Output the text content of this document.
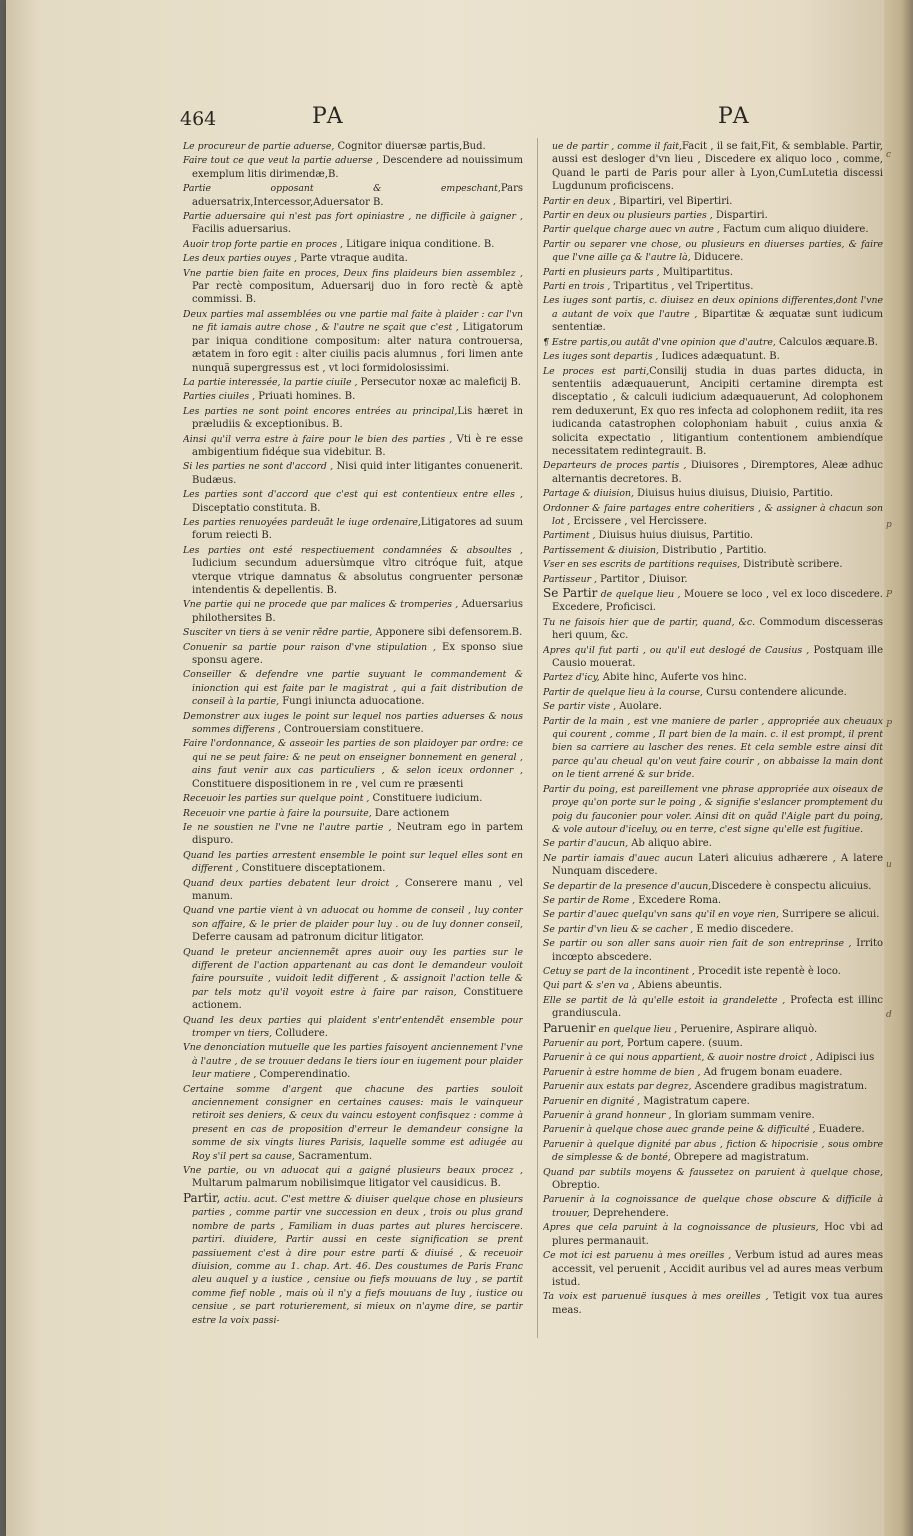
c
p
P
P
u
d
464	PA	PA

Le procureur de partie aduerse, Cognitor diuersæ partis,Bud.

Faire tout ce que veut la partie aduerse , Descendere ad nouissimum exemplum litis dirimendæ,B.

Partie opposant & empeschant,Pars aduersatrix,Intercessor,Aduersator B.

Partie aduersaire qui n'est pas fort opiniastre , ne difficile à gaigner , Facilis aduersarius.

Auoir trop forte partie en proces , Litigare iniqua conditione. B.

Les deux parties ouyes , Parte vtraque audita.

Vne partie bien faite en proces, Deux fins plaideurs bien assemblez , Par rectè compositum, Aduersarij duo in foro rectè & aptè commissi. B.

Deux parties mal assemblées ou vne partie mal faite à plaider : car l'vn ne fit iamais autre chose , & l'autre ne sçait que c'est , Litigatorum par iniqua conditione compositum: alter natura controuersa, ætatem in foro egit : alter ciuilis pacis alumnus , fori limen ante nunquã supergressus est , vt loci formidolosissimi.

La partie interessée, la partie ciuile , Persecutor noxæ ac maleficij B.

Parties ciuiles , Priuati homines. B.

Les parties ne sont point encores entrées au principal,Lis hæret in præludiis & exceptionibus. B.

Ainsi qu'il verra estre à faire pour le bien des parties , Vti è re esse ambigentium fidéque sua videbitur. B.

Si les parties ne sont d'accord , Nisi quid inter litigantes conuenerit. Budæus.

Les parties sont d'accord que c'est qui est contentieux entre elles , Disceptatio constituta. B.

Les parties renuoyées pardeuãt le iuge ordenaire,Litigatores ad suum forum reiecti B.

Les parties ont esté respectiuement condamnées & absoultes , Iudicium secundum aduersùmque vltro citróque fuit, atque vterque vtrique damnatus & absolutus congruenter personæ intendentis & depellentis. B.

Vne partie qui ne procede que par malices & tromperies , Aduersarius philothersites B.

Susciter vn tiers à se venir rẽdre partie, Apponere sibi defensorem.B.

Conuenir sa partie pour raison d'vne stipulation , Ex sponso siue sponsu agere.

Conseiller & defendre vne partie suyuant le commandement & inionction qui est faite par le magistrat , qui a fait distribution de conseil à la partie, Fungi iniuncta aduocatione.

Demonstrer aux iuges le point sur lequel nos parties aduerses & nous sommes differens , Controuersiam constituere.

Faire l'ordonnance, & asseoir les parties de son plaidoyer par ordre: ce qui ne se peut faire: & ne peut on enseigner bonnement en general , ains faut venir aux cas particuliers , & selon iceux ordonner , Constituere dispositionem in re , vel cum re præsenti

Receuoir les parties sur quelque point , Constituere iudicium.

Receuoir vne partie à faire la poursuite, Dare actionem

Ie ne soustien ne l'vne ne l'autre partie , Neutram ego in partem dispuro.

Quand les parties arrestent ensemble le point sur lequel elles sont en different , Constituere disceptationem.

Quand deux parties debatent leur droict , Conserere manu , vel manum.

Quand vne partie vient à vn aduocat ou homme de conseil , luy conter son affaire, & le prier de plaider pour luy . ou de luy donner conseil, Deferre causam ad patronum dicitur litigator.

Quand le preteur anciennemẽt apres auoir ouy les parties sur le different de l'action appartenant au cas dont le demandeur vouloit faire poursuite , vuidoit ledit different , & assignoit l'action telle & par tels motz qu'il voyoit estre à faire par raison, Constituere actionem.

Quand les deux parties qui plaident s'entr'entendẽt ensemble pour tromper vn tiers, Colludere.

Vne denonciation mutuelle que les parties faisoyent anciennement l'vne à l'autre , de se trouuer dedans le tiers iour en iugement pour plaider leur matiere , Comperendinatio.

Certaine somme d'argent que chacune des parties souloit anciennement consigner en certaines causes: mais le vainqueur retiroit ses deniers, & ceux du vaincu estoyent confisquez : comme à present en cas de proposition d'erreur le demandeur consigne la somme de six vingts liures Parisis, laquelle somme est adiugée au Roy s'il pert sa cause, Sacramentum.

Vne partie, ou vn aduocat qui a gaigné plusieurs beaux procez , Multarum palmarum nobilisimque litigator vel causidicus. B.

Partir, actiu. acut. C'est mettre & diuiser quelque chose en plusieurs parties , comme partir vne succession en deux , trois ou plus grand nombre de parts , Familiam in duas partes aut plures herciscere. partiri. diuidere, Partir aussi en ceste signification se prent passiuement c'est à dire pour estre parti & diuisé , & receuoir diuision, comme au 1. chap. Art. 46. Des coustumes de Paris Franc aleu auquel y a iustice , censiue ou fiefs mouuans de luy , se partit comme fief noble , mais où il n'y a fiefs mouuans de luy , iustice ou censiue , se part roturierement, si mieux on n'ayme dire, se partir estre la voix passi-

ue de partir , comme il fait,Facit , il se fait,Fit, & semblable. Partir, aussi est desloger d'vn lieu , Discedere ex aliquo loco , comme, Quand le parti de Paris pour aller à Lyon,CumLutetia discessi Lugdunum proficiscens.

Partir en deux , Bipartiri, vel Bipertiri.

Partir en deux ou plusieurs parties , Dispartiri.

Partir quelque charge auec vn autre , Factum cum aliquo diuidere.

Partir ou separer vne chose, ou plusieurs en diuerses parties, & faire que l'vne aille ça & l'autre là, Diducere.

Parti en plusieurs parts , Multipartitus.

Parti en trois , Tripartitus , vel Tripertitus.

Les iuges sont partis, c. diuisez en deux opinions differentes,dont l'vne a autant de voix que l'autre , Bipartitæ & æquatæ sunt iudicum sententiæ.

¶ Estre partis,ou autãt d'vne opinion que d'autre, Calculos æquare.B.

Les iuges sont departis , Iudices adæquatunt. B.

Le proces est parti,Consilij studia in duas partes diducta, in sententiis adæquauerunt, Ancipiti certamine dirempta est disceptatio , & calculi iudicium adæquauerunt, Ad colophonem rem deduxerunt, Ex quo res infecta ad colophonem rediit, ita res iudicanda catastrophen colophoniam habuit , cuius anxia & solicita expectatio , litigantium contentionem ambiendíque necessitatem redintegrauit. B.

Departeurs de proces partis , Diuisores , Diremptores, Aleæ adhuc alternantis decretores. B.

Partage & diuision, Diuisus huius diuisus, Diuisio, Partitio.

Ordonner & faire partages entre coheritiers , & assigner à chacun son lot , Ercissere , vel Hercissere.

Partiment , Diuisus huius diuisus, Partitio.

Partissement & diuision, Distributio , Partitio.

Vser en ses escrits de partitions requises, Distributè scribere.

Partisseur , Partitor , Diuisor.

Se Partir de quelque lieu , Mouere se loco , vel ex loco discedere. Excedere, Proficisci.

Tu ne faisois hier que de partir, quand, &c. Commodum discesseras heri quum, &c.

Apres qu'il fut parti , ou qu'il eut deslogé de Causius , Postquam ille Causio mouerat.

Partez d'icy, Abite hinc, Auferte vos hinc.

Partir de quelque lieu à la course, Cursu contendere alicunde.

Se partir viste , Auolare.

Partir de la main , est vne maniere de parler , appropriée aux cheuaux qui courent , comme , Il part bien de la main. c. il est prompt, il prent bien sa carriere au lascher des renes. Et cela semble estre ainsi dit parce qu'au cheual qu'on veut faire courir , on abbaisse la main dont on le tient arrené & sur bride.

Partir du poing, est pareillement vne phrase appropriée aux oiseaux de proye qu'on porte sur le poing , & signifie s'eslancer promptement du poig du fauconier pour voler. Ainsi dit on quãd l'Aigle part du poing, & vole autour d'iceluy, ou en terre, c'est signe qu'elle est fugitiue.

Se partir d'aucun, Ab aliquo abire.

Ne partir iamais d'auec aucun Lateri alicuius adhærere , A latere Nunquam discedere.

Se departir de la presence d'aucun,Discedere è conspectu alicuius.

Se partir de Rome , Excedere Roma.

Se partir d'auec quelqu'vn sans qu'il en voye rien, Surripere se alicui.

Se partir d'vn lieu & se cacher , E medio discedere.

Se partir ou son aller sans auoir rien fait de son entreprinse , Irrito incœpto abscedere.

Cetuy se part de la incontinent , Procedit iste repentè è loco.

Qui part & s'en va , Abiens abeuntis.

Elle se partit de là qu'elle estoit ia grandelette , Profecta est illinc grandiuscula.

Paruenir en quelque lieu , Peruenire, Aspirare aliquò.

Paruenir au port, Portum capere. (suum.

Paruenir à ce qui nous appartient, & auoir nostre droict , Adipisci ius

Paruenir à estre homme de bien , Ad frugem bonam euadere.

Paruenir aux estats par degrez, Ascendere gradibus magistratum.

Paruenir en dignité , Magistratum capere.

Paruenir à grand honneur , In gloriam summam venire.

Paruenir à quelque chose auec grande peine & difficulté , Euadere.

Paruenir à quelque dignité par abus , fiction & hipocrisie , sous ombre de simplesse & de bonté, Obrepere ad magistratum.

Quand par subtils moyens & faussetez on paruient à quelque chose, Obreptio.

Paruenir à la cognoissance de quelque chose obscure & difficile à trouuer, Deprehendere.

Apres que cela paruint à la cognoissance de plusieurs, Hoc vbi ad plures permanauit.

Ce mot ici est paruenu à mes oreilles , Verbum istud ad aures meas accessit, vel peruenit , Accidit auribus vel ad aures meas verbum istud.

Ta voix est paruenuë iusques à mes oreilles , Tetigit vox tua aures meas.
